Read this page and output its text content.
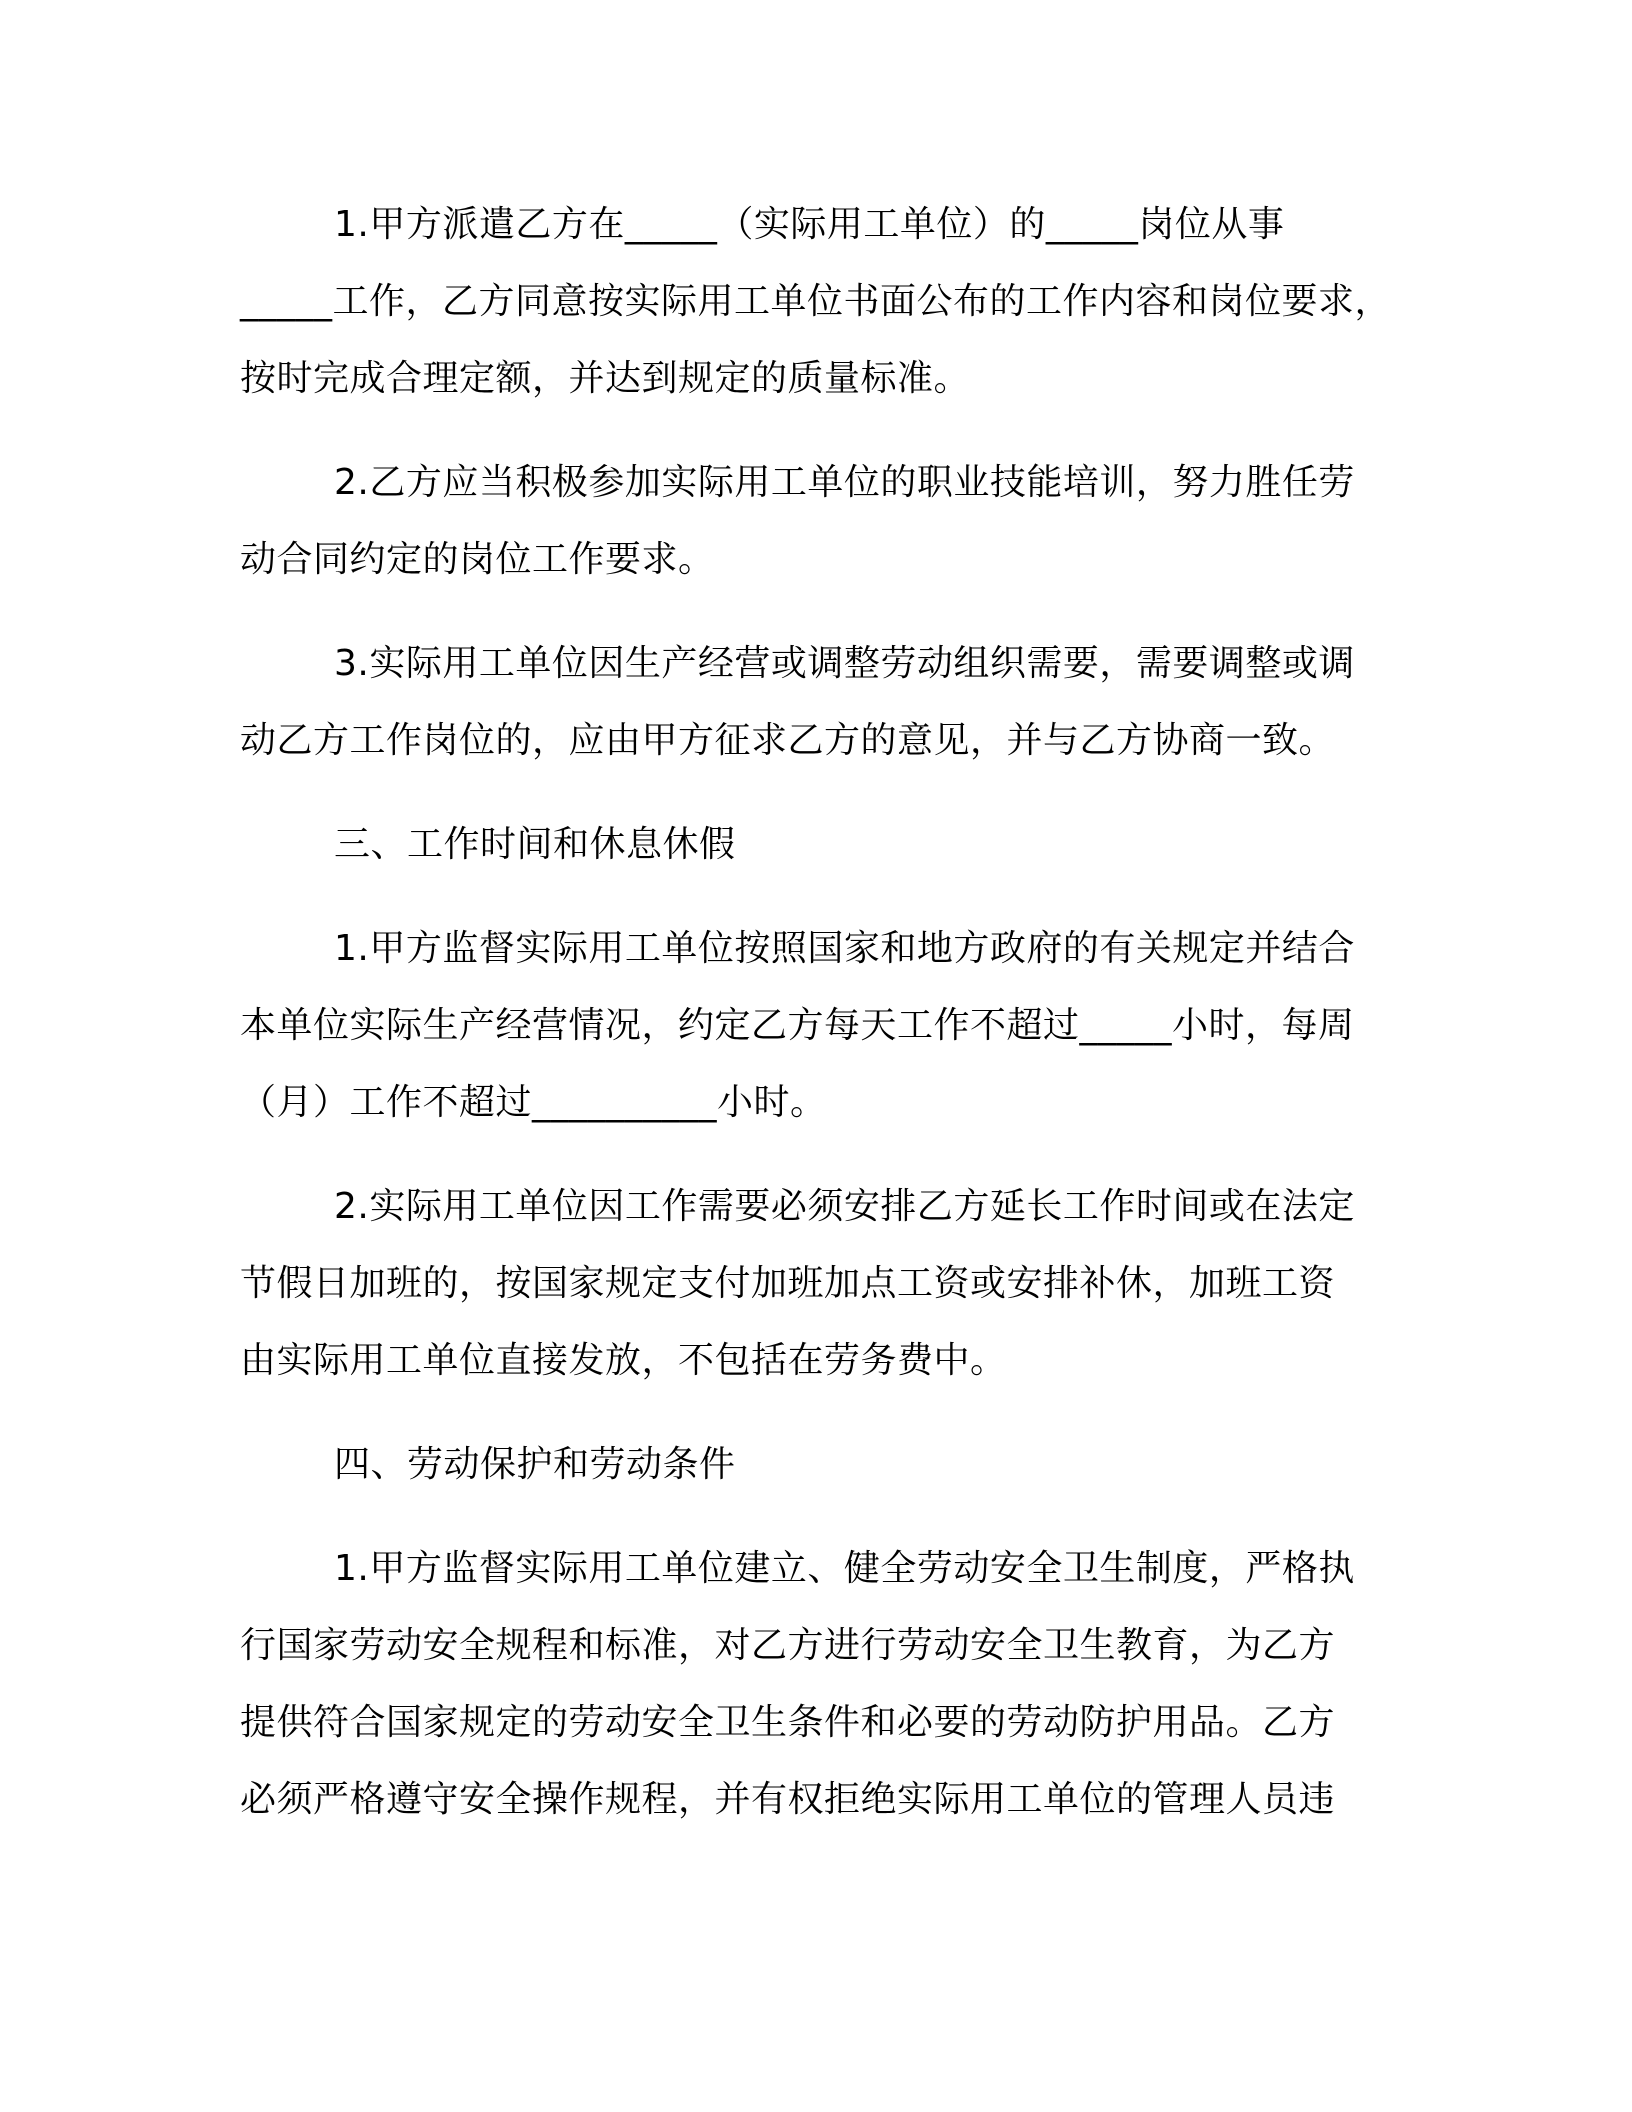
1.甲方派遣乙方在_____（实际用工单位）的_____岗位从事
_____工作，乙方同意按实际用工单位书面公布的工作内容和岗位要求，
按时完成合理定额，并达到规定的质量标准。
2.乙方应当积极参加实际用工单位的职业技能培训，努力胜任劳
动合同约定的岗位工作要求。
3.实际用工单位因生产经营或调整劳动组织需要，需要调整或调
动乙方工作岗位的，应由甲方征求乙方的意见，并与乙方协商一致。
三、工作时间和休息休假
1.甲方监督实际用工单位按照国家和地方政府的有关规定并结合
本单位实际生产经营情况，约定乙方每天工作不超过_____小时，每周
（月）工作不超过__________小时。
2.实际用工单位因工作需要必须安排乙方延长工作时间或在法定
节假日加班的，按国家规定支付加班加点工资或安排补休，加班工资
由实际用工单位直接发放，不包括在劳务费中。
四、劳动保护和劳动条件
1.甲方监督实际用工单位建立、健全劳动安全卫生制度，严格执
行国家劳动安全规程和标准，对乙方进行劳动安全卫生教育，为乙方
提供符合国家规定的劳动安全卫生条件和必要的劳动防护用品。乙方
必须严格遵守安全操作规程，并有权拒绝实际用工单位的管理人员违
